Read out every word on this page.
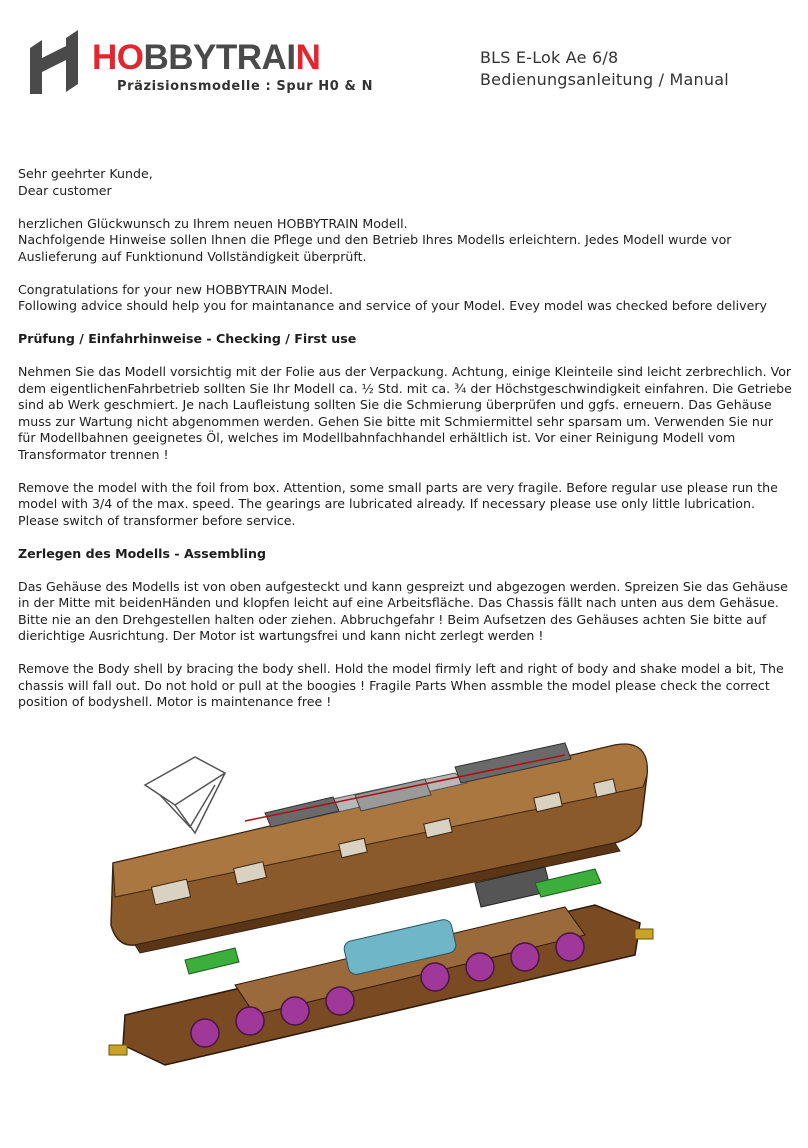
HOBBYTRAIN
Präzisionsmodelle : Spur H0 & N
BLS E-Lok Ae 6/8
Bedienungsanleitung / Manual

Sehr geehrter Kunde,
Dear customer

herzlichen Glückwunsch zu Ihrem neuen HOBBYTRAIN Modell.
Nachfolgende Hinweise sollen Ihnen die Pflege und den Betrieb Ihres Modells erleichtern. Jedes Modell wurde vor Auslieferung auf Funktionund Vollständigkeit überprüft.

Congratulations for your new HOBBYTRAIN Model.
Following advice should help you for maintanance and service of your Model. Evey model was checked before delivery

Prüfung / Einfahrhinweise - Checking / First use

Nehmen Sie das Modell vorsichtig mit der Folie aus der Verpackung. Achtung, einige Kleinteile sind leicht zerbrechlich. Vor dem eigentlichenFahrbetrieb sollten Sie Ihr Modell ca. ½ Std. mit ca. ¾ der Höchstgeschwindigkeit einfahren. Die Getriebe sind ab Werk geschmiert. Je nach Laufleistung sollten Sie die Schmierung überprüfen und ggfs. erneuern. Das Gehäuse muss zur Wartung nicht abgenommen werden. Gehen Sie bitte mit Schmiermittel sehr sparsam um. Verwenden Sie nur für Modellbahnen geeignetes Öl, welches im Modellbahnfachhandel erhältlich ist. Vor einer Reinigung Modell vom Transformator trennen !

Remove the model with the foil from box. Attention, some small parts are very fragile. Before regular use please run the model with 3/4 of the max. speed. The gearings are lubricated already. If necessary please use only little lubrication. Please switch of transformer before service.

Zerlegen des Modells - Assembling

Das Gehäuse des Modells ist von oben aufgesteckt und kann gespreizt und abgezogen werden. Spreizen Sie das Gehäuse in der Mitte mit beidenHänden und klopfen leicht auf eine Arbeitsfläche. Das Chassis fällt nach unten aus dem Gehäsue. Bitte nie an den Drehgestellen halten oder ziehen. Abbruchgefahr ! Beim Aufsetzen des Gehäuses achten Sie bitte auf dierichtige Ausrichtung. Der Motor ist wartungsfrei und kann nicht zerlegt werden !

Remove the Body shell by bracing the body shell. Hold the model firmly left and right of body and shake model a bit, The chassis will fall out. Do not hold or pull at the boogies ! Fragile Parts When assmble the model please check the correct position of bodyshell. Motor is maintenance free !
